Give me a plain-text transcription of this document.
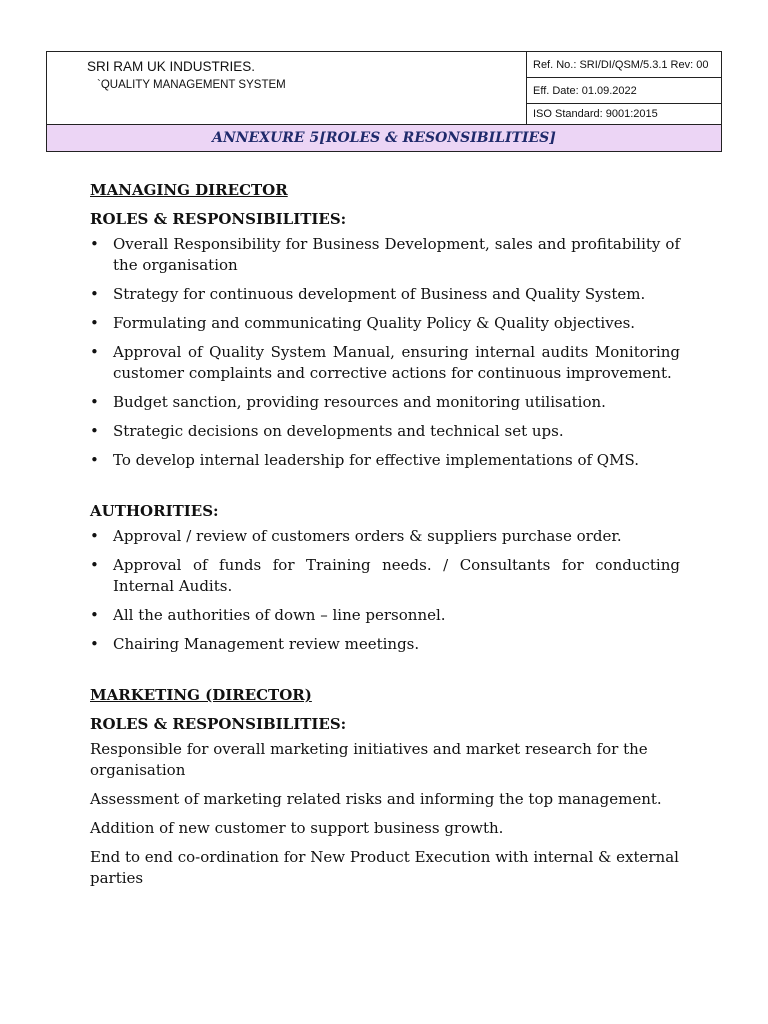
SRI RAM UK INDUSTRIES.
`QUALITY MANAGEMENT SYSTEM
Ref. No.: SRI/DI/QSM/5.3.1 Rev: 00
Eff. Date: 01.09.2022
ISO Standard: 9001:2015
ANNEXURE 5[ROLES & RESONSIBILITIES]

MANAGING DIRECTOR

ROLES & RESPONSIBILITIES:

• Overall Responsibility for Business Development, sales and profitability of the organisation
• Strategy for continuous development of Business and Quality System.
• Formulating and communicating Quality Policy & Quality objectives.
• Approval of Quality System Manual, ensuring internal audits Monitoring customer complaints and corrective actions for continuous improvement.
• Budget sanction, providing resources and monitoring utilisation.
• Strategic decisions on developments and technical set ups.
• To develop internal leadership for effective implementations of QMS.

AUTHORITIES:

• Approval / review of customers orders & suppliers purchase order.
• Approval of funds for Training needs. / Consultants for conducting Internal Audits.
• All the authorities of down – line personnel.
• Chairing Management review meetings.

MARKETING (DIRECTOR)

ROLES & RESPONSIBILITIES:

Responsible for overall marketing initiatives and market research for the organisation

Assessment of marketing related risks and informing the top management.

Addition of new customer to support business growth.

End to end co-ordination for New Product Execution with internal & external parties
